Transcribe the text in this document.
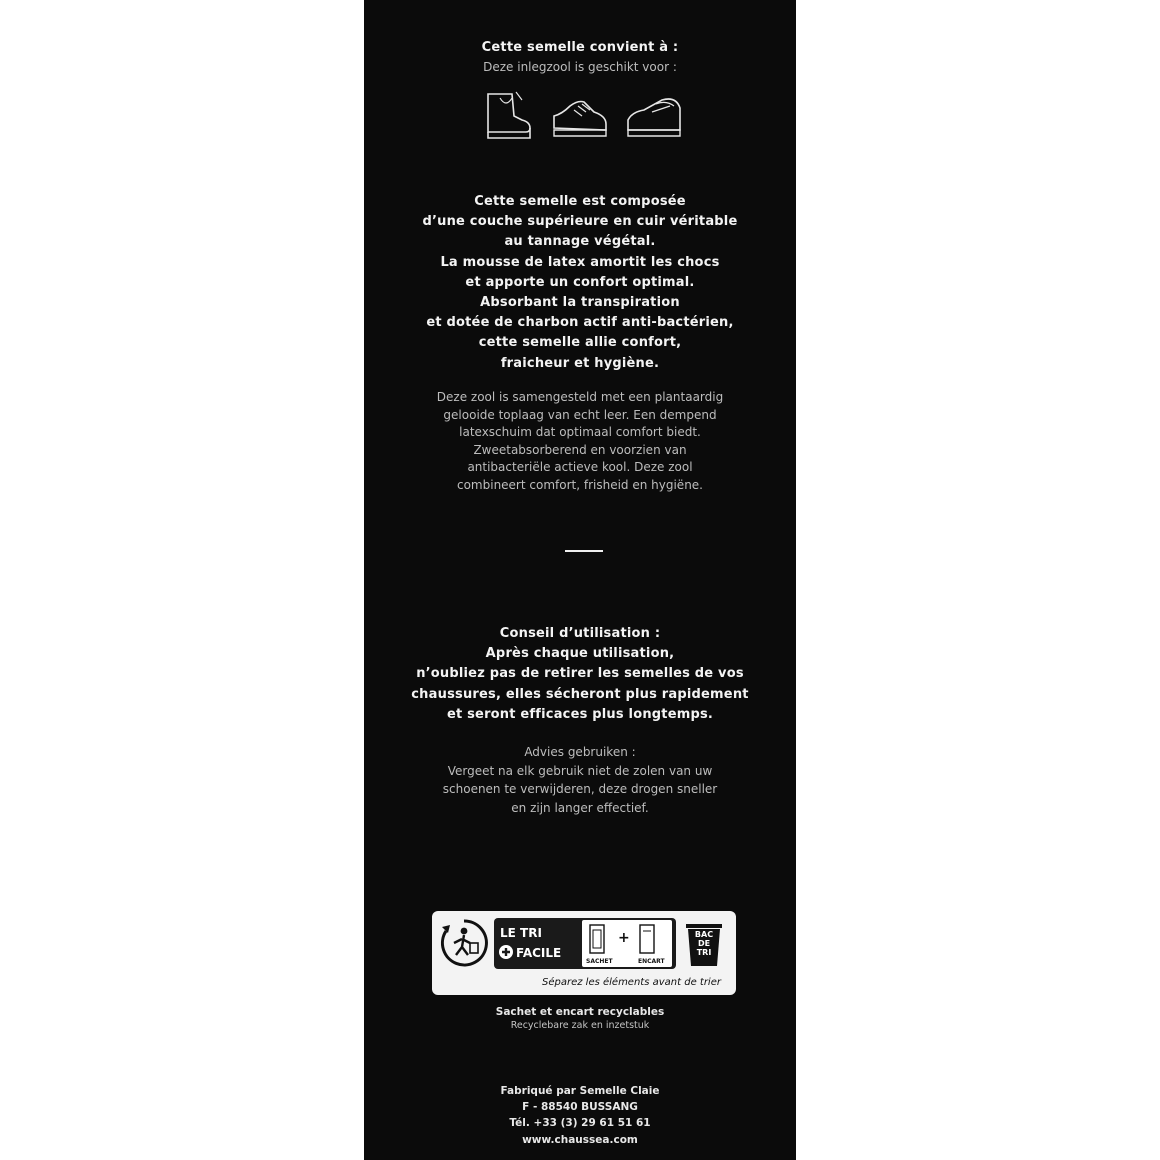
Cette semelle convient à :
Deze inlegzool is geschikt voor :
Cette semelle est composée
d’une couche supérieure en cuir véritable
au tannage végétal.
La mousse de latex amortit les chocs
et apporte un confort optimal.
Absorbant la transpiration
et dotée de charbon actif anti-bactérien,
cette semelle allie confort,
fraicheur et hygiène.
Deze zool is samengesteld met een plantaardig
gelooide toplaag van echt leer. Een dempend
latexschuim dat optimaal comfort biedt.
Zweetabsorberend en voorzien van
antibacteriële actieve kool. Deze zool
combineert comfort, frisheid en hygiëne.
Conseil d’utilisation :
Après chaque utilisation,
n’oubliez pas de retirer les semelles de vos
chaussures, elles sécheront plus rapidement
et seront efficaces plus longtemps.
Advies gebruiken :
Vergeet na elk gebruik niet de zolen van uw
schoenen te verwijderen, deze drogen sneller
en zijn langer effectief.
LE TRI
FACILE
SACHET
+
ENCART
BAC
DE
TRI
Séparez les éléments avant de trier
Sachet et encart recyclables
Recyclebare zak en inzetstuk
Fabriqué par Semelle Claie
F - 88540 BUSSANG
Tél. +33 (3) 29 61 51 61
www.chaussea.com
